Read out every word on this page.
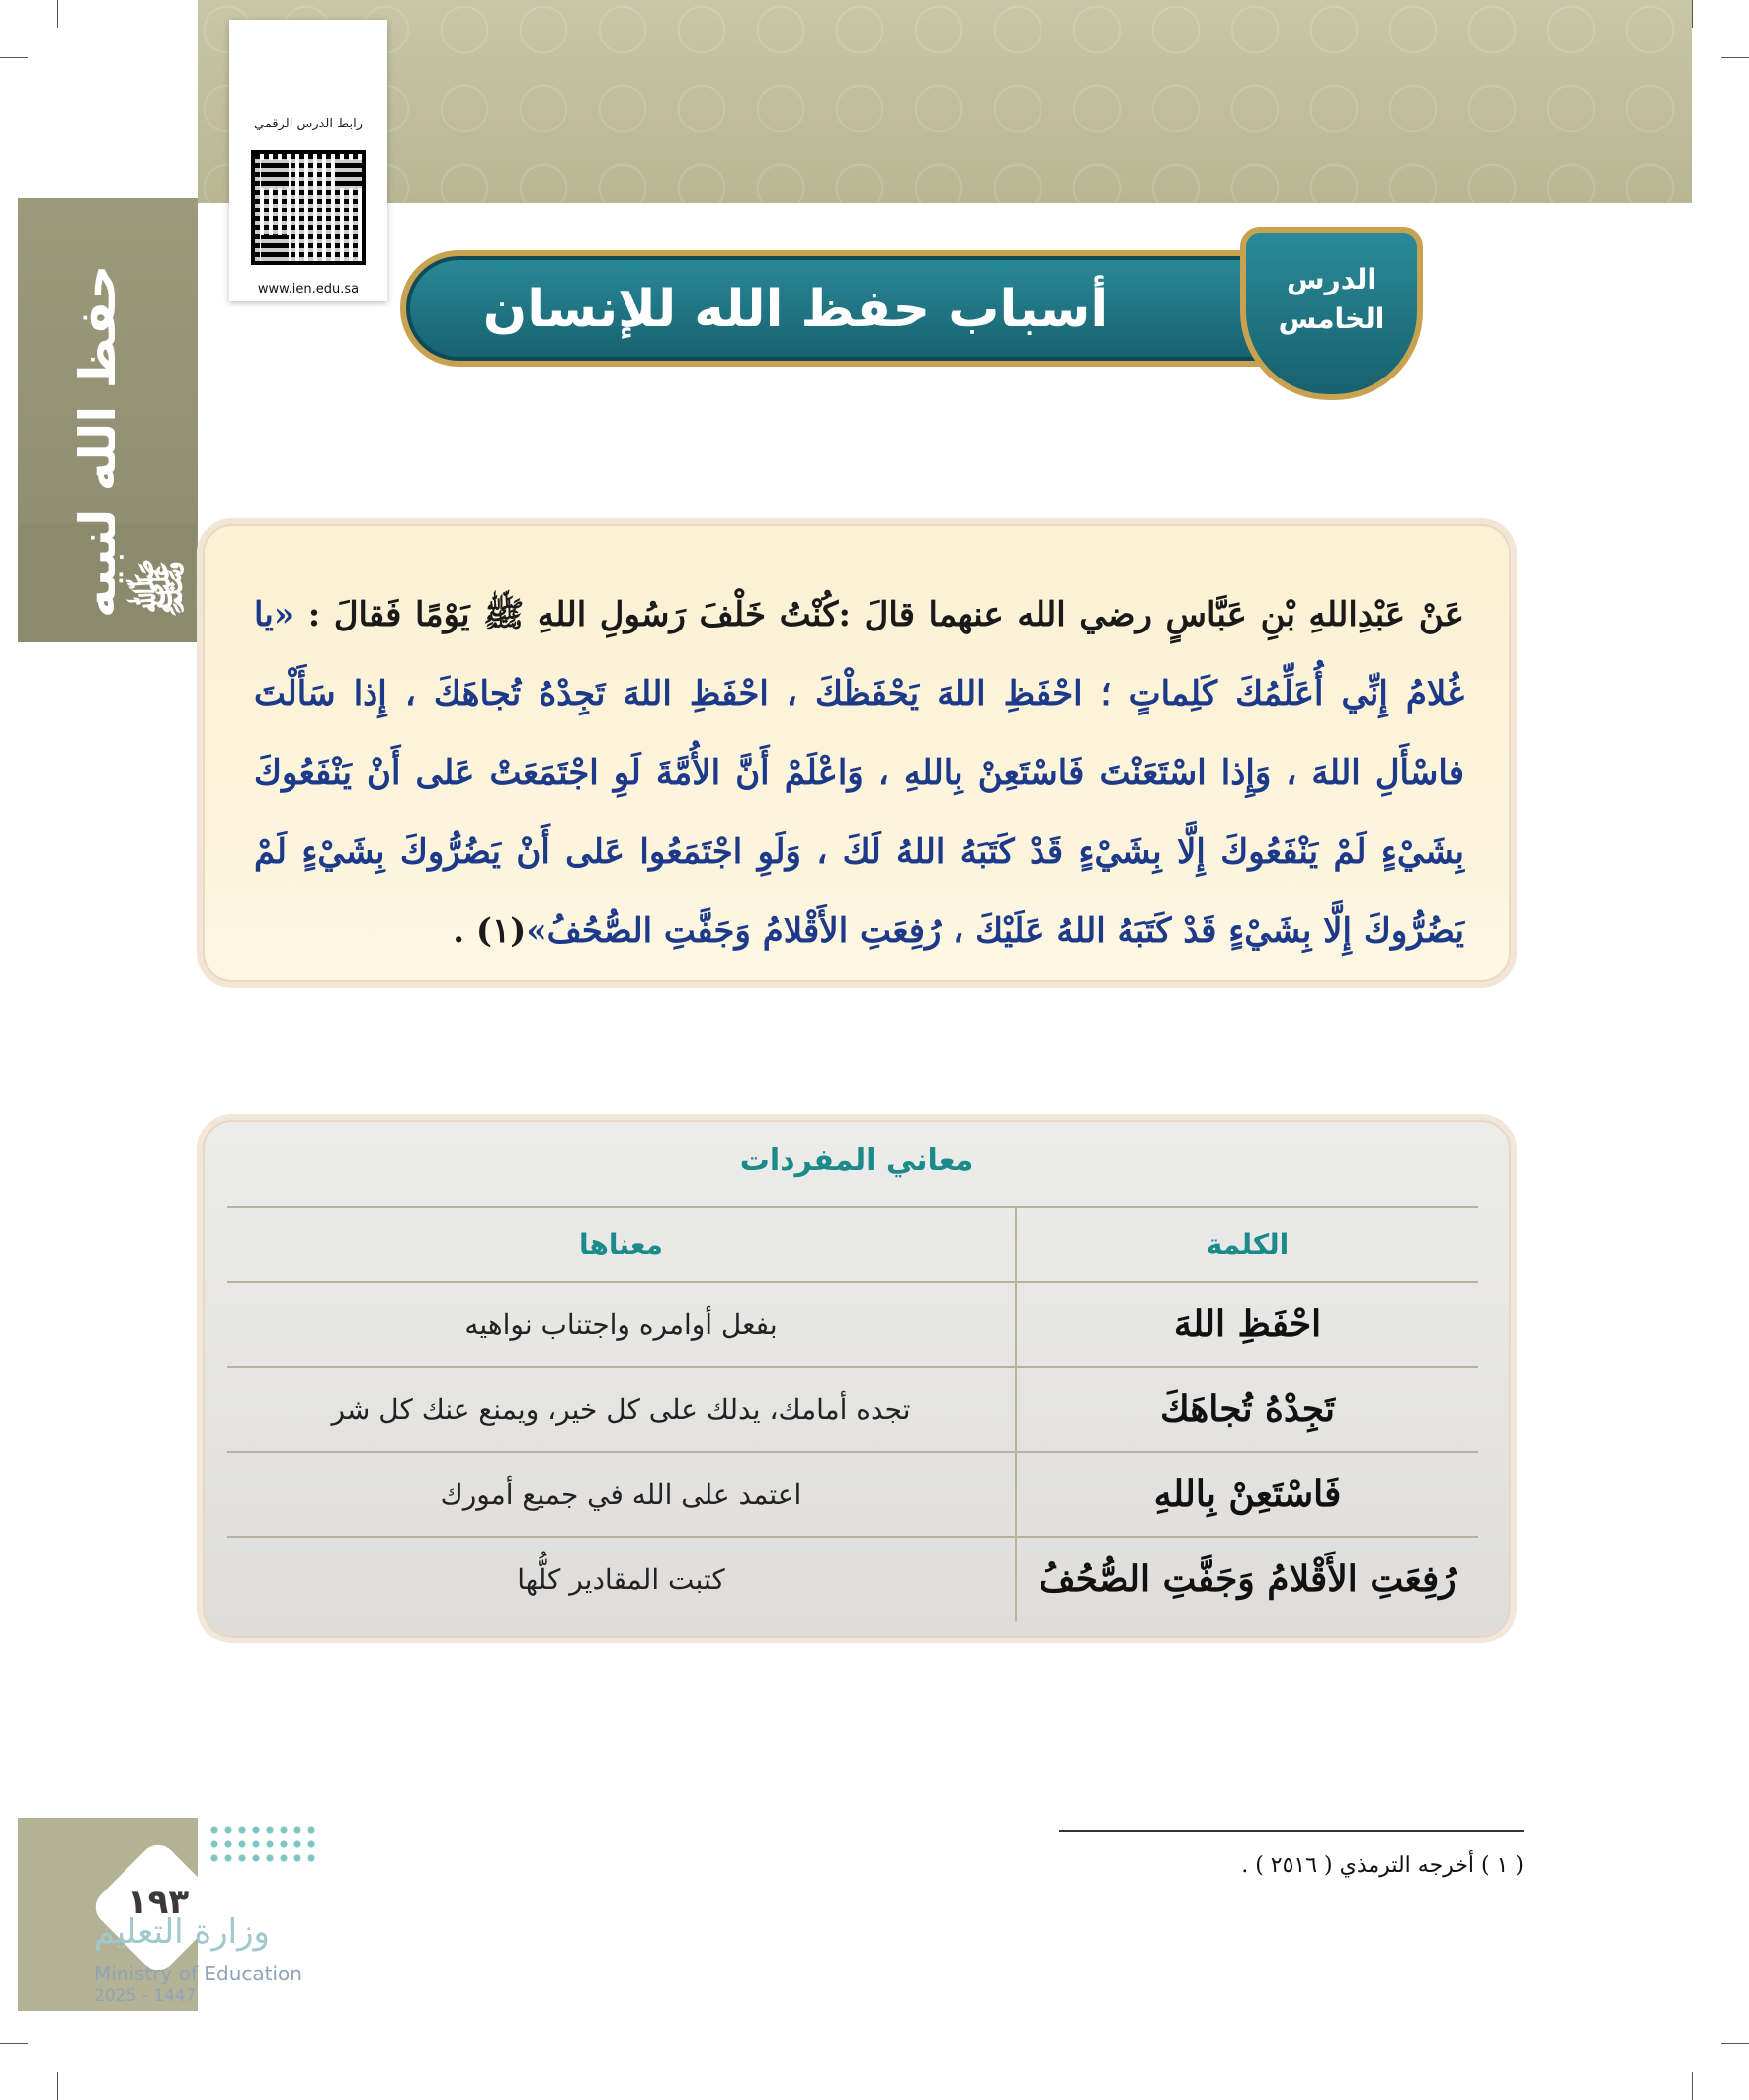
حفظ الله لنبيه ﷺ
رابط الدرس الرقمي
www.ien.edu.sa	أسباب حفظ الله للإنسان
الدرس
الخامس
عَنْ عَبْدِاللهِ بْنِ عَبَّاسٍ رضي الله عنهما قالَ :كُنْتُ خَلْفَ رَسُولِ اللهِ ﷺ يَوْمًا فَقالَ : «يا غُلامُ إِنِّي أُعَلِّمُكَ كَلِماتٍ ؛ احْفَظِ اللهَ يَحْفَظْكَ ، احْفَظِ اللهَ تَجِدْهُ تُجاهَكَ ، إِذا سَأَلْتَ فاسْأَلِ اللهَ ، وَإِذا اسْتَعَنْتَ فَاسْتَعِنْ بِاللهِ ، وَاعْلَمْ أَنَّ الأُمَّةَ لَوِ اجْتَمَعَتْ عَلى أَنْ يَنْفَعُوكَ بِشَيْءٍ لَمْ يَنْفَعُوكَ إِلَّا بِشَيْءٍ قَدْ كَتَبَهُ اللهُ لَكَ ، وَلَوِ اجْتَمَعُوا عَلى أَنْ يَضُرُّوكَ بِشَيْءٍ لَمْ يَضُرُّوكَ إِلَّا بِشَيْءٍ قَدْ كَتَبَهُ اللهُ عَلَيْكَ ، رُفِعَتِ الأَقْلامُ وَجَفَّتِ الصُّحُفُ»(١) .
معاني المفردات
الكلمة	معناها
احْفَظِ اللهَ	بفعل أوامره واجتناب نواهيه
تَجِدْهُ تُجاهَكَ	تجده أمامك، يدلك على كل خير، ويمنع عنك كل شر
فَاسْتَعِنْ بِاللهِ	اعتمد على الله في جميع أمورك
رُفِعَتِ الأَقْلامُ وَجَفَّتِ الصُّحُفُ	كتبت المقادير كلُّها
( ١ ) أخرجه الترمذي ( ٢٥١٦ ) .
١٩٣
وزارة التعليم
Ministry of Education
2025 - 1447
